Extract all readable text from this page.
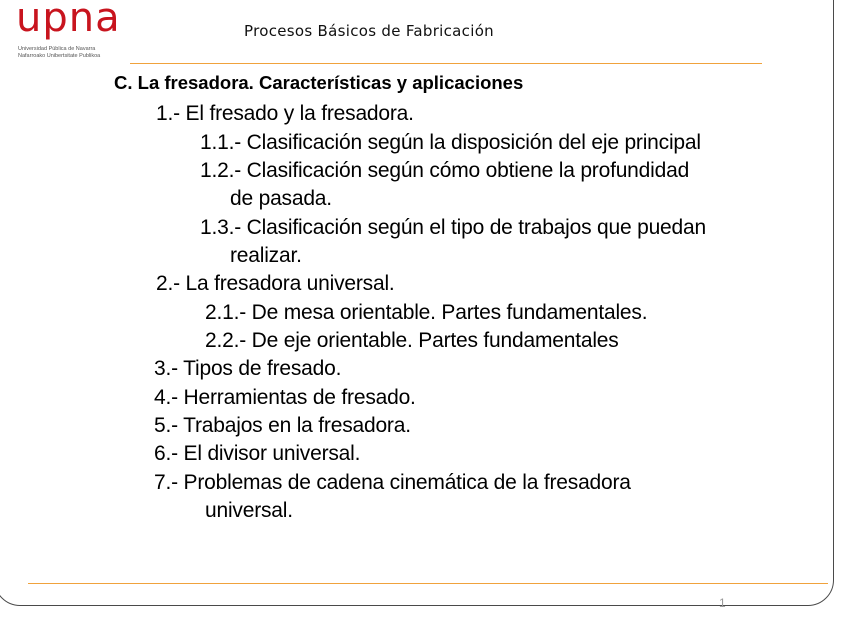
upna
Universidad Pública de Navarra
Nafarroako Unibertsitate Publikoa
Procesos Básicos de Fabricación
C. La fresadora. Características y aplicaciones
1.- El fresado y la fresadora.
1.1.- Clasificación según la disposición del eje principal
1.2.- Clasificación según cómo obtiene la profundidad
de pasada.
1.3.- Clasificación según el tipo de trabajos que puedan
realizar.
2.- La fresadora universal.
2.1.- De mesa orientable. Partes fundamentales.
2.2.- De eje orientable. Partes fundamentales
3.- Tipos de fresado.
4.- Herramientas de fresado.
5.- Trabajos en la fresadora.
6.- El divisor universal.
7.- Problemas de cadena cinemática de la fresadora
universal.
1
